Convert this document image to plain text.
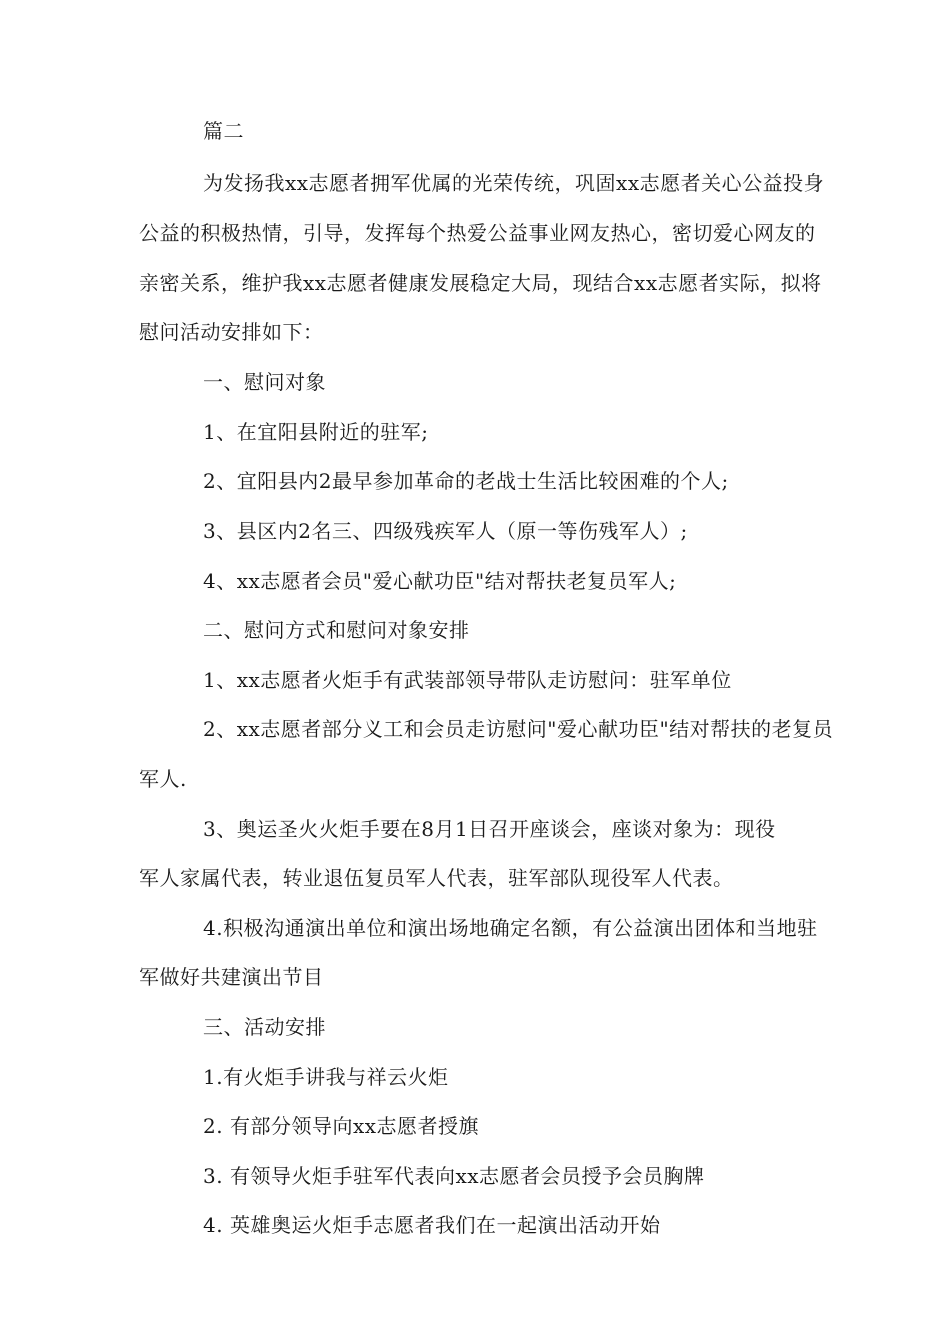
篇二
为发扬我xx志愿者拥军优属的光荣传统，巩固xx志愿者关心公益投身
公益的积极热情，引导，发挥每个热爱公益事业网友热心，密切爱心网友的
亲密关系，维护我xx志愿者健康发展稳定大局，现结合xx志愿者实际，拟将
慰问活动安排如下：
一、慰问对象
1、在宜阳县附近的驻军;
2、宜阳县内2最早参加革命的老战士生活比较困难的个人;
3、县区内2名三、四级残疾军人（原一等伤残军人）;
4、xx志愿者会员"爱心献功臣"结对帮扶老复员军人;
二、慰问方式和慰问对象安排
1、xx志愿者火炬手有武装部领导带队走访慰问：驻军单位
2、xx志愿者部分义工和会员走访慰问"爱心献功臣"结对帮扶的老复员
军人.
3、奥运圣火火炬手要在8月1日召开座谈会，座谈对象为：现役
军人家属代表，转业退伍复员军人代表，驻军部队现役军人代表。
4.积极沟通演出单位和演出场地确定名额，有公益演出团体和当地驻
军做好共建演出节目
三、活动安排
1.有火炬手讲我与祥云火炬
2. 有部分领导向xx志愿者授旗
3. 有领导火炬手驻军代表向xx志愿者会员授予会员胸牌
4. 英雄奥运火炬手志愿者我们在一起演出活动开始
